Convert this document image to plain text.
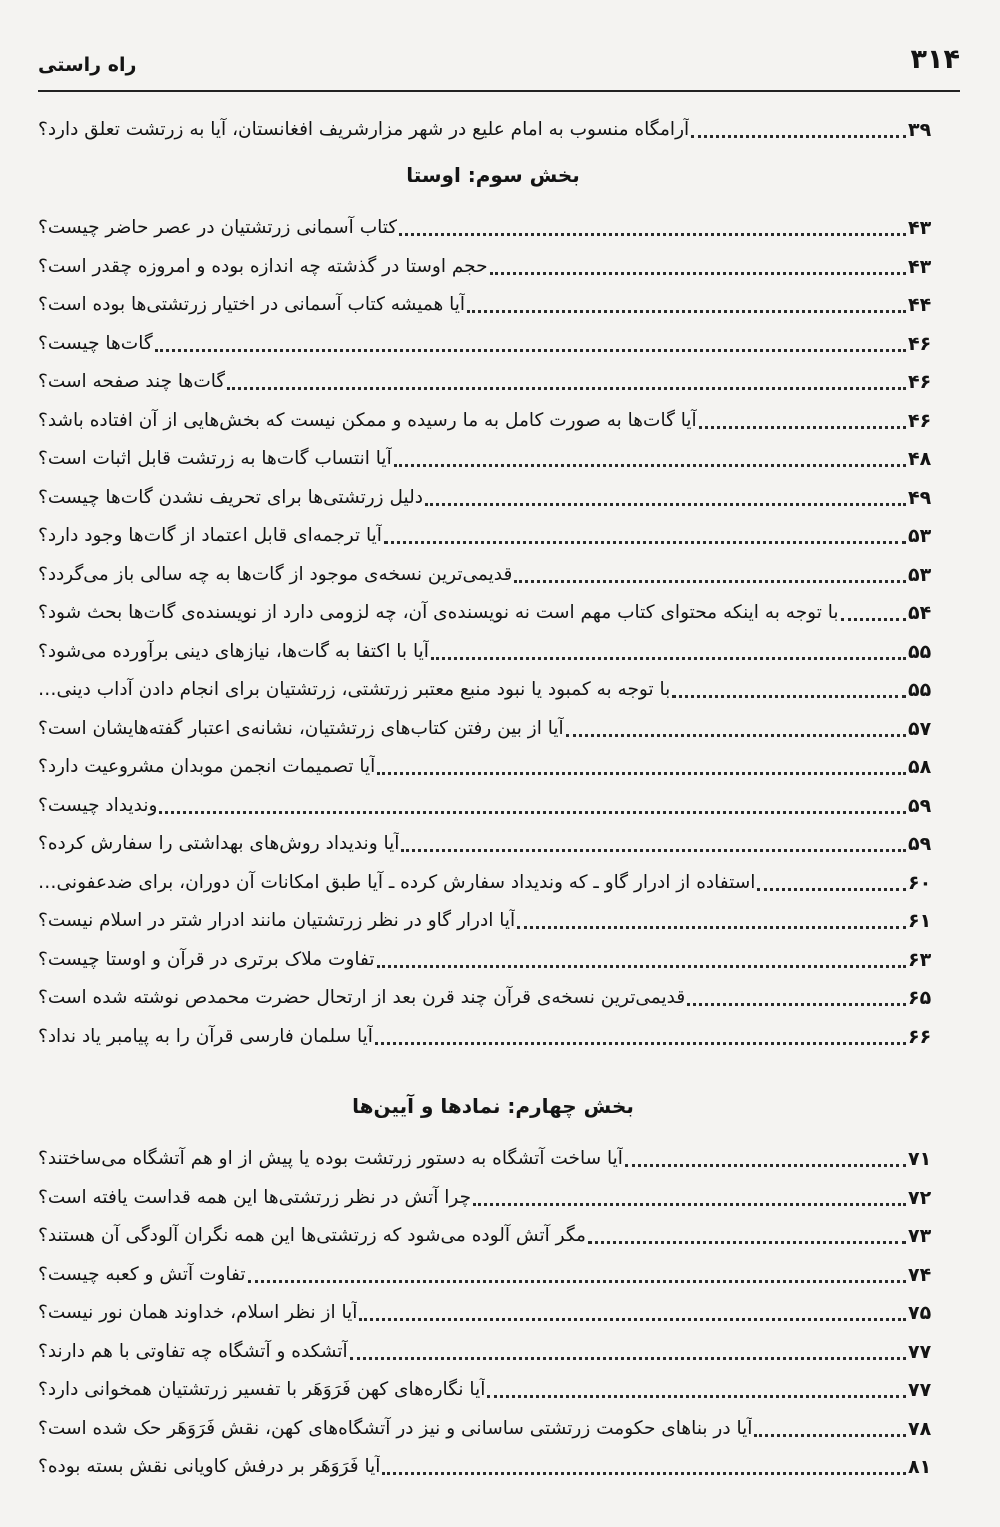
۳۱۴
راه راستی
آرامگاه منسوب به امام علیع در شهر مزارشریف افغانستان، آیا به زرتشت تعلق دارد؟	۳۹
بخش سوم: اوستا
کتاب آسمانی زرتشتیان در عصر حاضر چیست؟	۴۳
حجم اوستا در گذشته چه اندازه بوده و امروزه چقدر است؟	۴۳
آیا همیشه کتاب آسمانی در اختیار زرتشتی‌ها بوده است؟	۴۴
گات‌ها چیست؟	۴۶
گات‌ها چند صفحه است؟	۴۶
آیا گات‌ها به صورت کامل به ما رسیده و ممکن نیست که بخش‌هایی از آن افتاده باشد؟	۴۶
آیا انتساب گات‌ها به زرتشت قابل اثبات است؟	۴۸
دلیل زرتشتی‌ها برای تحریف نشدن گات‌ها چیست؟	۴۹
آیا ترجمه‌ای قابل اعتماد از گات‌ها وجود دارد؟	۵۳
قدیمی‌ترین نسخه‌ی موجود از گات‌ها به چه سالی باز می‌گردد؟	۵۳
با توجه به اینکه محتوای کتاب مهم است نه نویسنده‌ی آن، چه لزومی دارد از نویسنده‌ی گات‌ها بحث شود؟	۵۴
آیا با اکتفا به گات‌ها، نیازهای دینی برآورده می‌شود؟	۵۵
با توجه به کمبود یا نبود منبع معتبر زرتشتی، زرتشتیان برای انجام دادن آداب دینی…	۵۵
آیا از بین رفتن کتاب‌های زرتشتیان، نشانه‌ی اعتبار گفته‌هایشان است؟	۵۷
آیا تصمیمات انجمن موبدان مشروعیت دارد؟	۵۸
وندیداد چیست؟	۵۹
آیا وندیداد روش‌های بهداشتی را سفارش کرده؟	۵۹
استفاده از ادرار گاو ـ که وندیداد سفارش کرده ـ آیا طبق امکانات آن دوران، برای ضدعفونی…	۶۰
آیا ادرار گاو در نظر زرتشتیان مانند ادرار شتر در اسلام نیست؟	۶۱
تفاوت ملاک برتری در قرآن و اوستا چیست؟	۶۳
قدیمی‌ترین نسخه‌ی قرآن چند قرن بعد از ارتحال حضرت محمدص نوشته شده است؟	۶۵
آیا سلمان فارسی قرآن را به پیامبر یاد نداد؟	۶۶
بخش چهارم: نمادها و آیین‌ها
آیا ساخت آتشگاه به دستور زرتشت بوده یا پیش از او هم آتشگاه می‌ساختند؟	۷۱
چرا آتش در نظر زرتشتی‌ها این همه قداست یافته است؟	۷۲
مگر آتش آلوده می‌شود که زرتشتی‌ها این همه نگران آلودگی آن هستند؟	۷۳
تفاوت آتش و کعبه چیست؟	۷۴
آیا از نظر اسلام، خداوند همان نور نیست؟	۷۵
آتشکده و آتشگاه چه تفاوتی با هم دارند؟	۷۷
آیا نگاره‌های کهن فَرَوَهَر با تفسیر زرتشتیان همخوانی دارد؟	۷۷
آیا در بناهای حکومت زرتشتی ساسانی و نیز در آتشگاه‌های کهن، نقش فَرَوَهَر حک شده است؟	۷۸
آیا فَرَوَهَر بر درفش کاویانی نقش بسته بوده؟	۸۱
